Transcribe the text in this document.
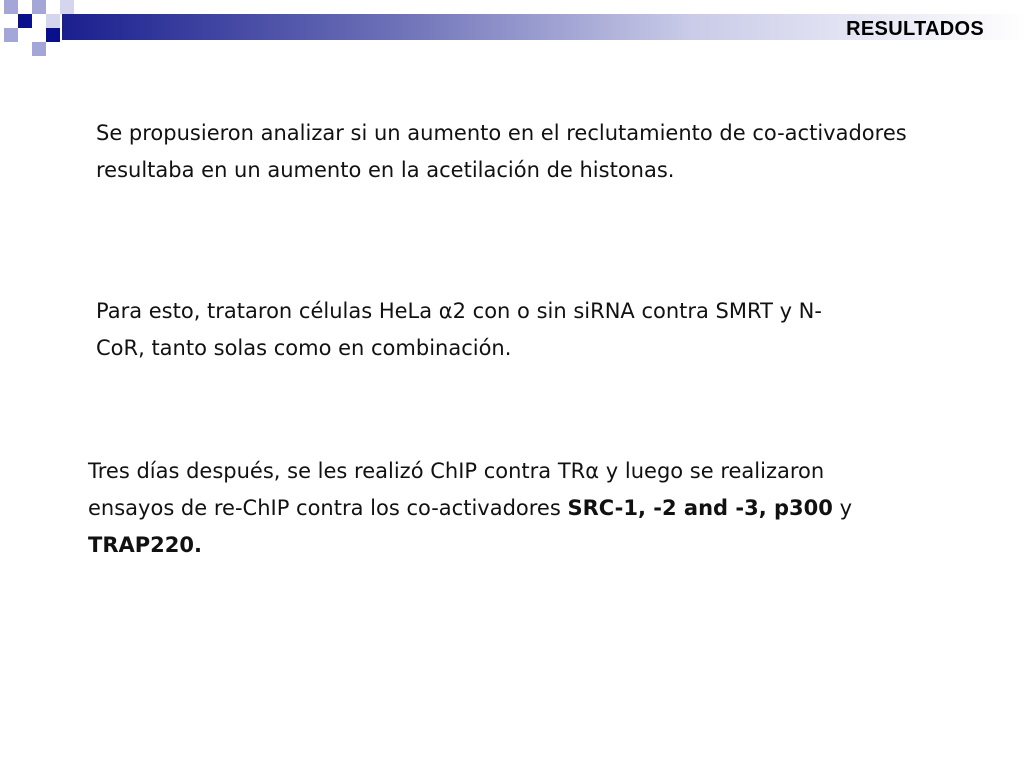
RESULTADOS

Se propusieron analizar si un aumento en el reclutamiento de co-activadores resultaba en un aumento en la acetilación de histonas.

Para esto, trataron células HeLa α2 con o sin siRNA contra SMRT y N-CoR, tanto solas como en combinación.

Tres días después, se les realizó ChIP contra TRα y luego se realizaron ensayos de re-ChIP contra los co-activadores SRC-1, -2 and -3, p300 y TRAP220.
